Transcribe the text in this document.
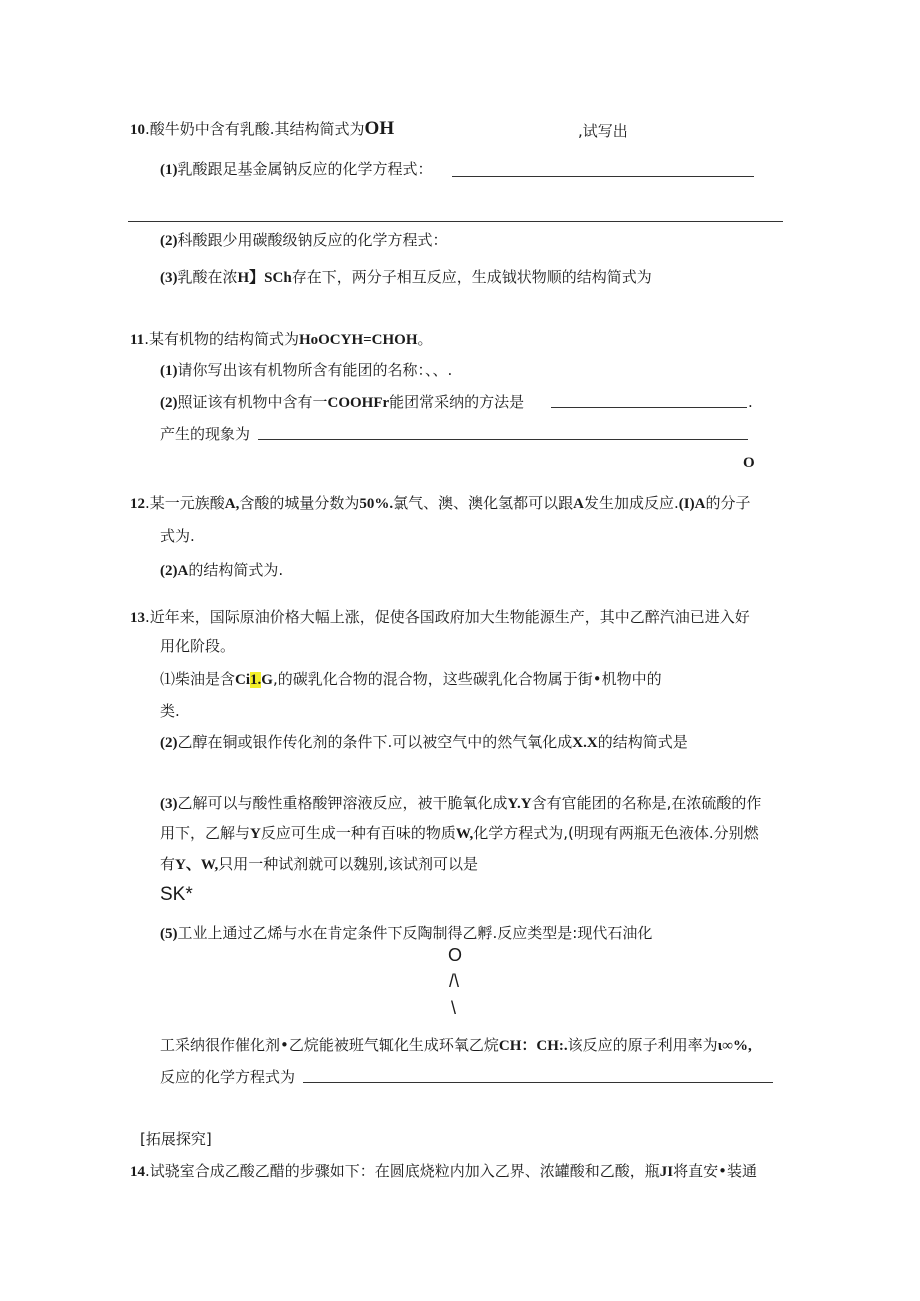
10.酸牛奶中含有乳酸.其结构简式为OH	,试写出
(1)乳酸跟足基金属钠反应的化学方程式：
(2)科酸跟少用碳酸级钠反应的化学方程式：
(3)乳酸在浓H】SCh存在下，两分子相互反应，生成钺状物顺的结构简式为
11.某有机物的结构简式为HoOCYH=CHOH。
(1)请你写出该有机物所含有能团的名称：、、.
(2)照证该有机物中含有一COOHFr能团常采纳的方法是	.
产生的现象为
O
12.某一元族酸A,含酸的城量分数为50%.氯气、澳、澳化氢都可以跟A发生加成反应.(I)A的分子
式为.
(2)A的结构简式为.
13.近年来，国际原油价格大幅上涨，促使各国政府加大生物能源生产，其中乙醉汽油已进入好
用化阶段。
⑴柴油是含Ci1.G,的碳乳化合物的混合物，这些碳乳化合物属于街•机物中的
类.
(2)乙醇在铜或银作传化剂的条件下.可以被空气中的然气氧化成X.X的结构简式是
(3)乙解可以与酸性重格酸钾溶液反应，被干脆氧化成Y.Y含有官能团的名称是,在浓硫酸的作
用下，乙解与Y反应可生成一种有百味的物质W,化学方程式为,(明现有两瓶无色液体.分别燃
有Y、W,只用一种试剂就可以魏别,该试剂可以是
SK*
(5)工业上通过乙烯与水在肯定条件下反陶制得乙孵.反应类型是:现代石油化
O
/\
\
工采纳很作催化剂•乙烷能被班气辄化生成环氧乙烷CH：CH:.该反应的原子利用率为ι∞%,
反应的化学方程式为
[拓展探究]
14.试骁室合成乙酸乙醋的步骤如下：在圆底烧粒内加入乙界、浓罐酸和乙酸，瓶JI将直安•装通
